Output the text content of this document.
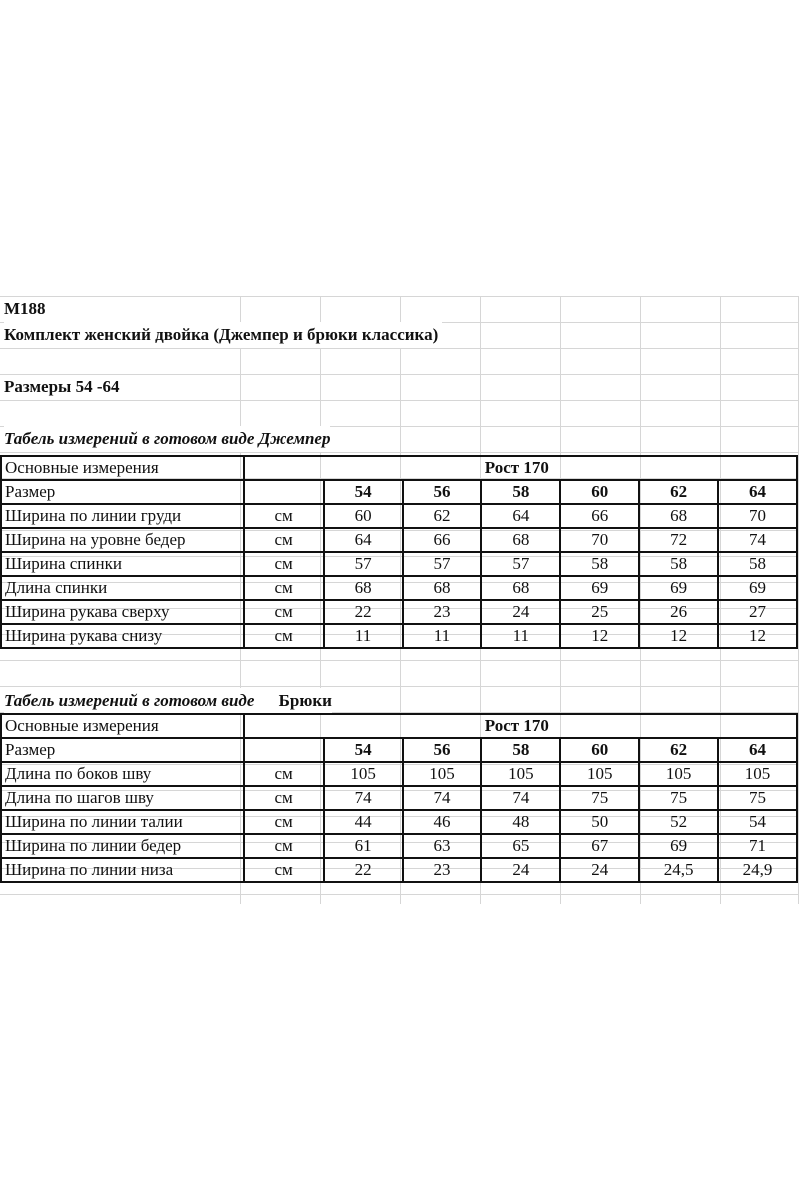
М188
Комплект женский двойка (Джемпер и брюки классика)
Размеры 54 -64
Табель измерений в готовом виде Джемпер
Основные измерения	Рост 170						
Размер		54	56	58	60	62	64
Ширина по линии груди	см	60	62	64	66	68	70
Ширина на уровне бедер	см	64	66	68	70	72	74
Ширина спинки	см	57	57	57	58	58	58
Длина спинки	см	68	68	68	69	69	69
Ширина рукава сверху	см	22	23	24	25	26	27
Ширина рукава снизу	см	11	11	11	12	12	12
Табель измерений в готовом виде Брюки
Основные измерения	Рост 170						
Размер		54	56	58	60	62	64
Длина по боков шву	см	105	105	105	105	105	105
Длина по шагов шву	см	74	74	74	75	75	75
Ширина по линии талии	см	44	46	48	50	52	54
Ширина по линии бедер	см	61	63	65	67	69	71
Ширина по линии низа	см	22	23	24	24	24,5	24,9
